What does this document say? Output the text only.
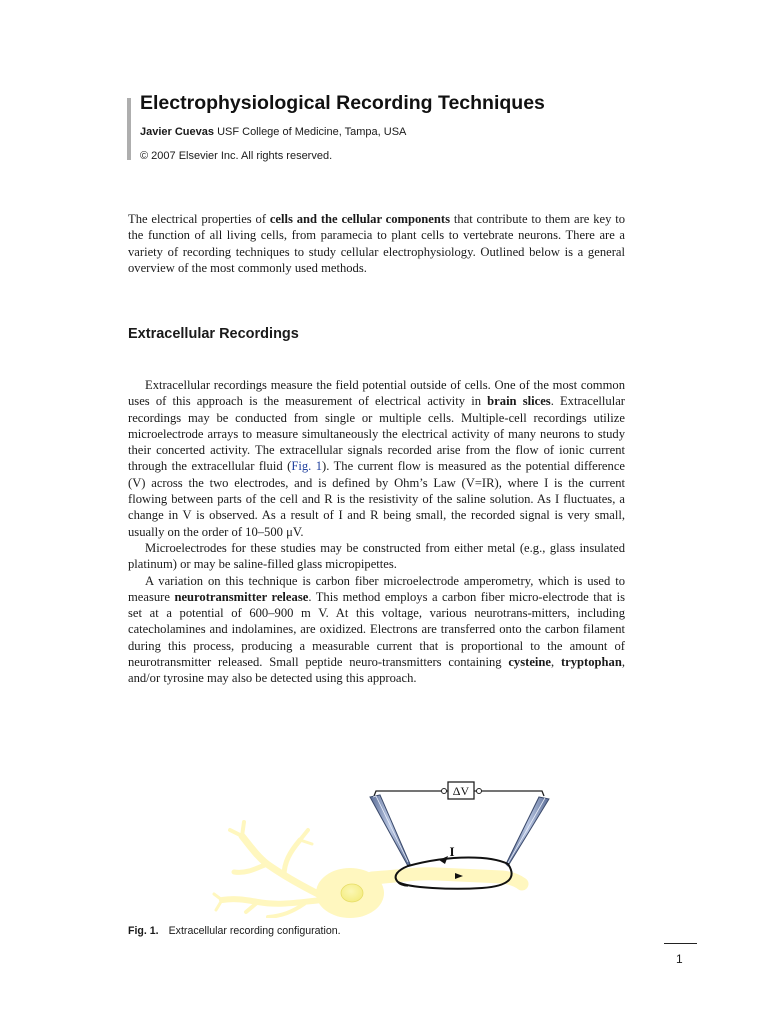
Electrophysiological Recording Techniques
Javier Cuevas USF College of Medicine, Tampa, USA
© 2007 Elsevier Inc. All rights reserved.

The electrical properties of cells and the cellular components that contribute to them are key to the function of all living cells, from paramecia to plant cells to vertebrate neurons. There are a variety of recording techniques to study cellular electrophysiology. Outlined below is a general overview of the most commonly used methods.

Extracellular Recordings
Extracellular recordings measure the field potential outside of cells. One of the most common uses of this approach is the measurement of electrical activity in brain slices. Extracellular recordings may be conducted from single or multiple cells. Multiple-cell recordings utilize microelectrode arrays to measure simultaneously the electrical activity of many neurons to study their concerted activity. The extracellular signals recorded arise from the flow of ionic current through the extracellular fluid (Fig. 1). The current flow is measured as the potential difference (V) across the two electrodes, and is defined by Ohm’s Law (V=IR), where I is the current flowing between parts of the cell and R is the resistivity of the saline solution. As I fluctuates, a change in V is observed. As a result of I and R being small, the recorded signal is very small, usually on the order of 10–500 μV.
Microelectrodes for these studies may be constructed from either metal (e.g., glass insulated platinum) or may be saline-filled glass micropipettes.
A variation on this technique is carbon fiber microelectrode amperometry, which is used to measure neurotransmitter release. This method employs a carbon fiber micro-electrode that is set at a potential of 600–900 m V. At this voltage, various neurotrans-mitters, including catecholamines and indolamines, are oxidized. Electrons are transferred onto the carbon filament during this process, producing a measurable current that is proportional to the amount of neurotransmitter released. Small peptide neuro-transmitters containing cysteine, tryptophan, and/or tyrosine may also be detected using this approach.
ΔV
I
Fig. 1. Extracellular recording configuration.
1
